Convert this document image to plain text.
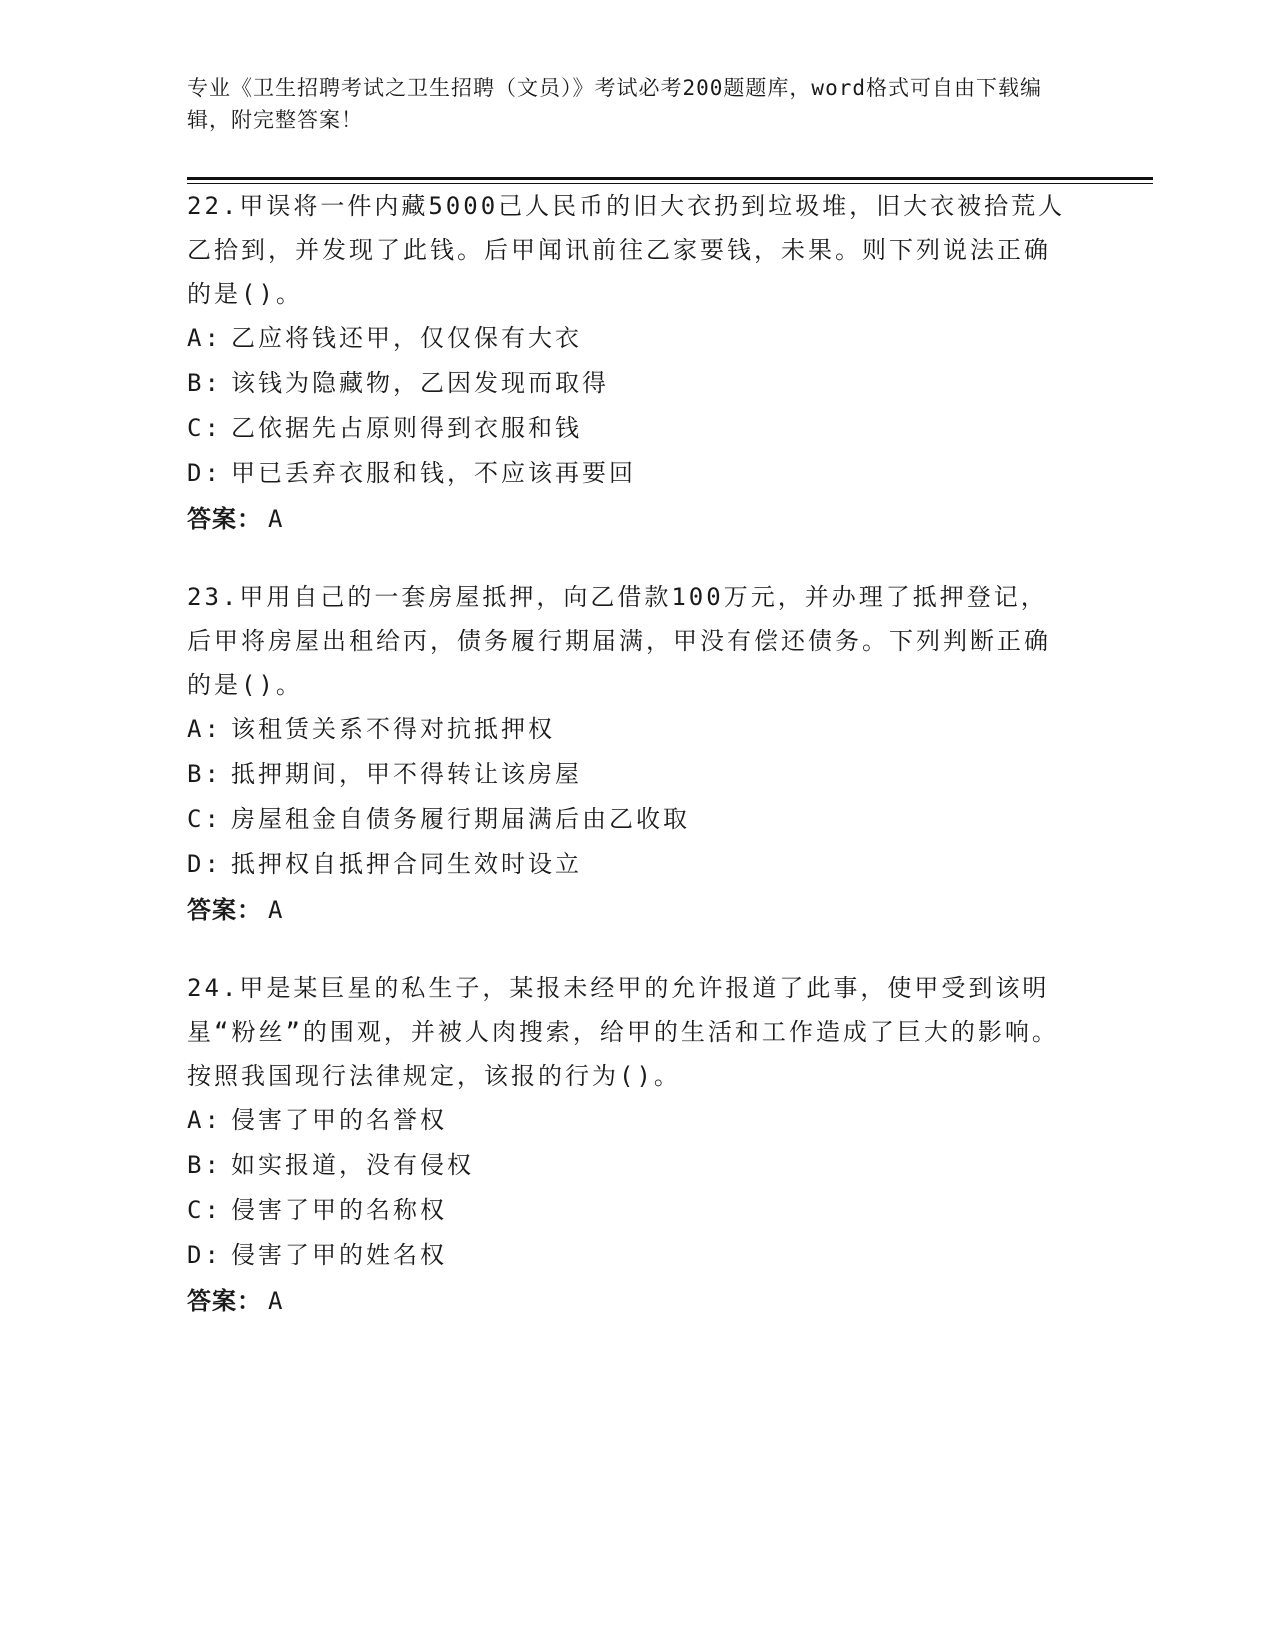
专业《卫生招聘考试之卫生招聘（文员）》考试必考200题题库，word格式可自由下载编辑，附完整答案！

22.甲误将一件内藏5000己人民币的旧大衣扔到垃圾堆，旧大衣被拾荒人乙拾到，并发现了此钱。后甲闻讯前往乙家要钱，未果。则下列说法正确的是()。

A: 乙应将钱还甲，仅仅保有大衣

B: 该钱为隐藏物，乙因发现而取得

C: 乙依据先占原则得到衣服和钱

D: 甲已丢弃衣服和钱，不应该再要回

答案： A

23.甲用自己的一套房屋抵押，向乙借款100万元，并办理了抵押登记，后甲将房屋出租给丙，债务履行期届满，甲没有偿还债务。下列判断正确的是()。

A: 该租赁关系不得对抗抵押权

B: 抵押期间，甲不得转让该房屋

C: 房屋租金自债务履行期届满后由乙收取

D: 抵押权自抵押合同生效时设立

答案： A

24.甲是某巨星的私生子，某报未经甲的允许报道了此事，使甲受到该明星“粉丝”的围观，并被人肉搜索，给甲的生活和工作造成了巨大的影响。按照我国现行法律规定，该报的行为()。

A: 侵害了甲的名誉权

B: 如实报道，没有侵权

C: 侵害了甲的名称权

D: 侵害了甲的姓名权

答案： A
